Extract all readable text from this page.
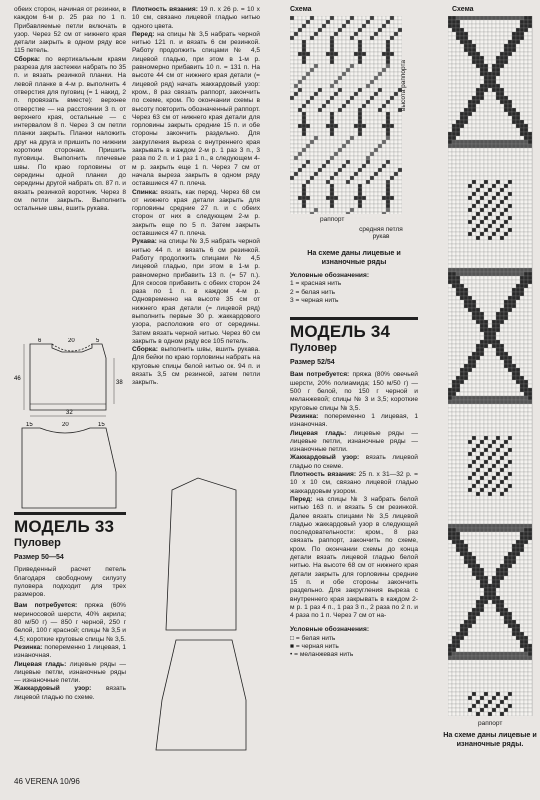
обеих сторон, начиная от резинки, в каждом 6-м р. 25 раз по 1 п. Прибавляемые петли включать в узор. Через 52 см от нижнего края детали закрыть в одном ряду все 115 петель.

Сборка: по вертикальным краям разреза для застежки набрать по 35 п. и вязать резинкой планки. На левой планке в 4-м р. выполнить 4 отверстия для пуговиц (= 1 накид, 2 п. провязать вместе): верхнее отверстие — на расстоянии 3 п. от верхнего края, остальные — с интервалом 8 п. Через 3 см петли планки закрыть. Планки наложить друг на друга и пришить по нижним коротким сторонам. Пришить пуговицы. Выполнить плечевые швы. По краю горловины от середины одной планки до середины другой набрать сп. 87 п. и вязать резинкой воротник. Через 8 см петли закрыть. Выполнить остальные швы, вшить рукава.

6	20	5
38
46
32
15	20	15
МОДЕЛЬ 33
Пуловер
Размер 50—54

Приведенный расчет петель благодаря свободному силуэту пуловера подходит для трех размеров.

Вам потребуется: пряжа (60% мериносовой шерсти, 40% акрила; 80 м/50 г) — 850 г черной, 250 г белой, 100 г красной; спицы № 3,5 и 4,5; короткие круговые спицы № 3,5.

Резинка: попеременно 1 лицевая, 1 изнаночная.

Лицевая гладь: лицевые ряды — лицевые петли, изнаночные ряды — изнаночные петли.

Жаккардовый узор: вязать лицевой гладью по схеме.

Плотность вязания: 19 п. х 26 р. = 10 х 10 см, связано лицевой гладью нитью одного цвета.

Перед: на спицы № 3,5 набрать черной нитью 121 п. и вязать 6 см резинкой. Работу продолжить спицами № 4,5 лицевой гладью, при этом в 1-м р. равномерно прибавить 10 п. = 131 п. На высоте 44 см от нижнего края детали (= лицевой ряд) начать жаккардовый узор: кром., 8 раз связать раппорт, закончить по схеме, кром. По окончании схемы в высоту повторить обозначенный раппорт. Через 63 см от нижнего края детали для горловины закрыть средние 15 п. и обе стороны закончить раздельно. Для закругления выреза с внутреннего края закрывать в каждом 2-м р. 1 раз 3 п., 3 раза по 2 п. и 1 раз 1 п., в следующем 4-м р. закрыть еще 1 п. Через 7 см от начала выреза закрыть в одном ряду оставшиеся 47 п. плеча.

Спинка: вязать, как перед. Через 68 см от нижнего края детали закрыть для горловины средние 27 п. и с обеих сторон от них в следующем 2-м р. закрыть еще по 5 п. Затем закрыть оставшиеся 47 п. плеча.

Рукава: на спицы № 3,5 набрать черной нитью 44 п. и вязать 6 см резинкой. Работу продолжить спицами № 4,5 лицевой гладью, при этом в 1-м р. равномерно прибавить 13 п. (= 57 п.). Для скосов прибавить с обеих сторон 24 раза по 1 п. в каждом 4-м р. Одновременно на высоте 35 см от нижнего края детали (= лицевой ряд) выполнить первые 30 р. жаккардового узора, расположив его от середины. Затем вязать черной нитью. Через 60 см закрыть в одном ряду все 105 петель.

Сборка: выполнить швы, вшить рукава. Для бейки по краю горловины набрать на круговые спицы белой нитью ок. 94 п. и вязать 3,5 см резинкой, затем петли закрыть.

Схема
высота раппорта
раппорт
средняя петля рукав
На схеме даны лицевые и изнаночные ряды

Условные обозначения:

1 = красная нить

2 = белая нить

3 = черная нить

МОДЕЛЬ 34
Пуловер
Размер 52/54

Вам потребуется: пряжа (80% овечьей шерсти, 20% полиамида; 150 м/50 г) — 500 г белой, по 150 г черной и меланжевой; спицы № 3 и 3,5; короткие круговые спицы № 3,5.

Резинка: попеременно 1 лицевая, 1 изнаночная.

Лицевая гладь: лицевые ряды — лицевые петли, изнаночные ряды — изнаночные петли.

Жаккардовый узор: вязать лицевой гладью по схеме.

Плотность вязания: 25 п. х 31—32 р. = 10 х 10 см, связано лицевой гладью жаккардовым узором.

Перед: на спицы № 3 набрать белой нитью 163 п. и вязать 5 см резинкой. Далее вязать спицами № 3,5 лицевой гладью жаккардовый узор в следующей последовательности: кром., 8 раз связать раппорт, закончить по схеме, кром. По окончании схемы до конца детали вязать лицевой гладью белой нитью. На высоте 68 см от нижнего края детали закрыть для горловины средние 15 п. и обе стороны закончить раздельно. Для закругления выреза с внутреннего края закрывать в каждом 2-м р. 1 раз 4 п., 1 раз 3 п., 2 раза по 2 п. и 4 раза по 1 п. Через 7 см от на-

Условные обозначения:

□ = белая нить

■ = черная нить

• = меланжевая нить

Схема
На схеме даны лицевые и изнаночные ряды.
раппорт
46 VERENA 10/96
